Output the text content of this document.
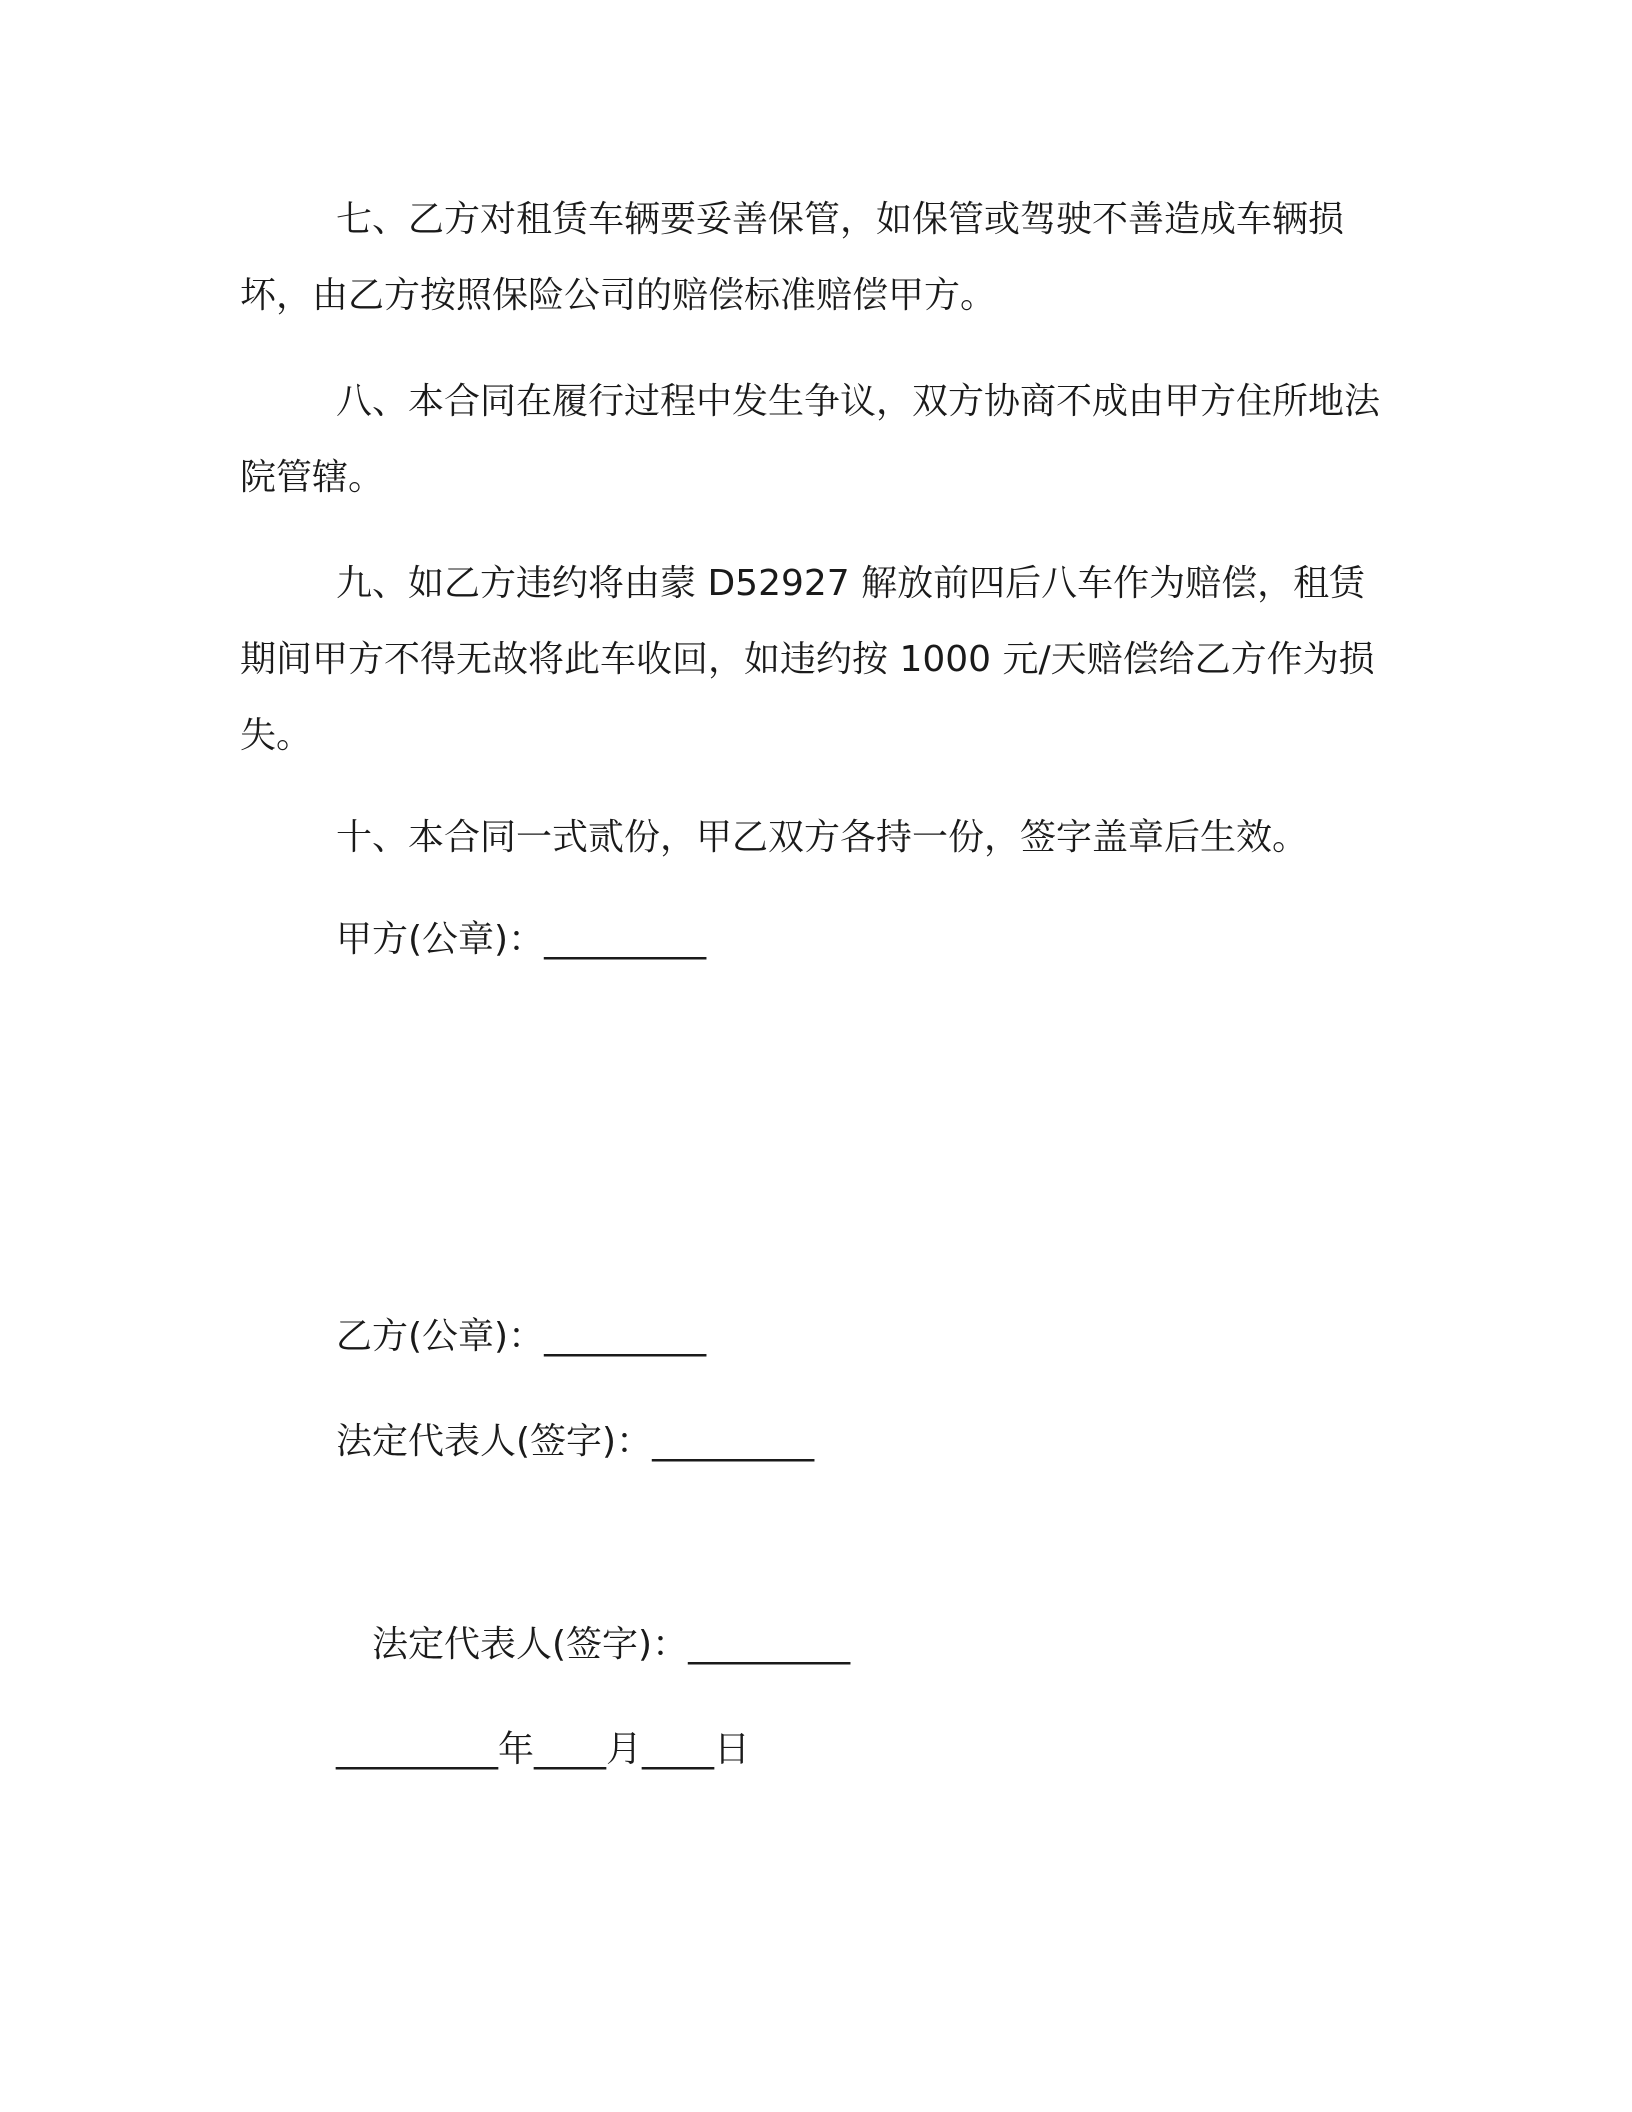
七、乙方对租赁车辆要妥善保管，如保管或驾驶不善造成车辆损坏，由乙方按照保险公司的赔偿标准赔偿甲方。

八、本合同在履行过程中发生争议，双方协商不成由甲方住所地法院管辖。

九、如乙方违约将由蒙 D52927 解放前四后八车作为赔偿，租赁期间甲方不得无故将此车收回，如违约按 1000 元/天赔偿给乙方作为损失。

十、本合同一式贰份，甲乙双方各持一份，签字盖章后生效。

甲方(公章)：_________

乙方(公章)：_________

法定代表人(签字)：_________

法定代表人(签字)：_________

_________年____月____日
